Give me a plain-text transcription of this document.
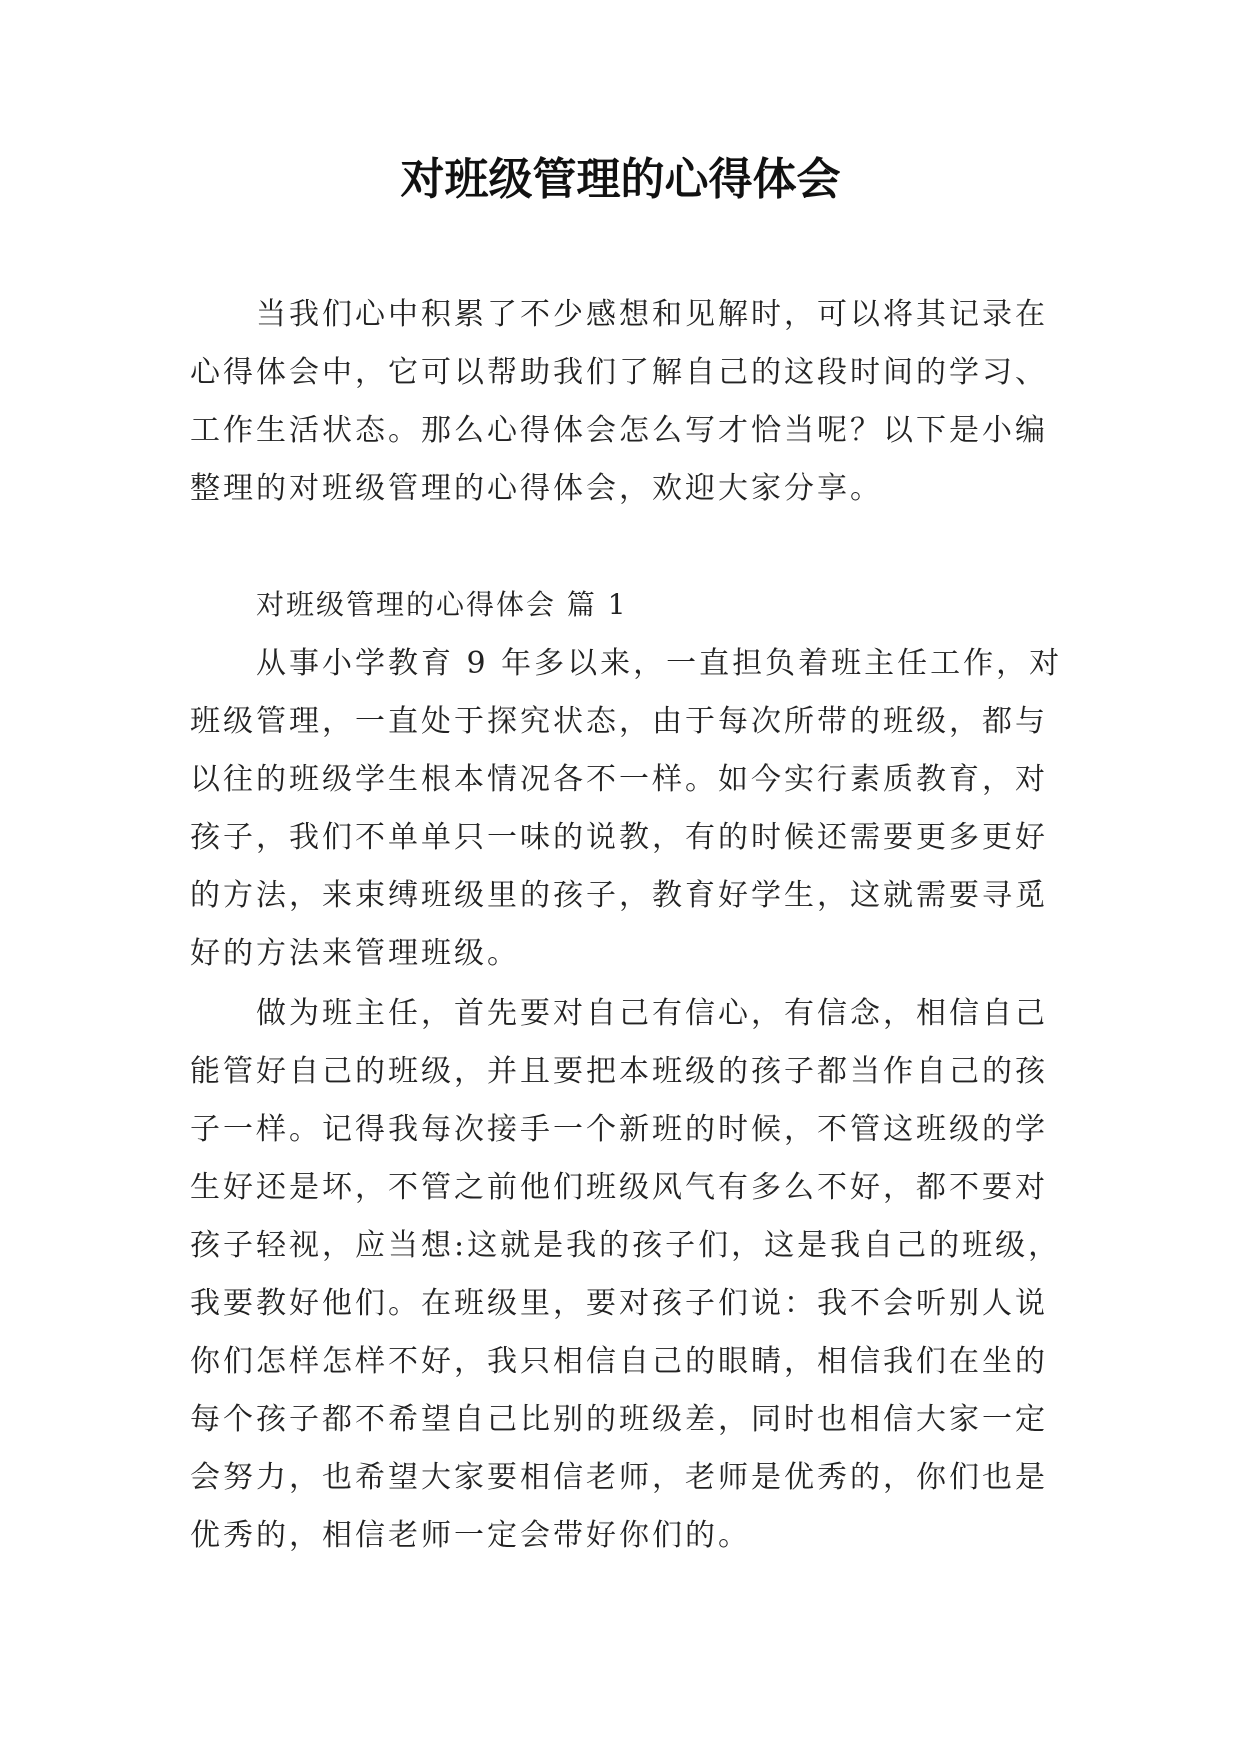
对班级管理的心得体会
当我们心中积累了不少感想和见解时，可以将其记录在
心得体会中，它可以帮助我们了解自己的这段时间的学习、
工作生活状态。那么心得体会怎么写才恰当呢？以下是小编
整理的对班级管理的心得体会，欢迎大家分享。
对班级管理的心得体会 篇 1
从事小学教育 9 年多以来，一直担负着班主任工作，对
班级管理，一直处于探究状态，由于每次所带的班级，都与
以往的班级学生根本情况各不一样。如今实行素质教育，对
孩子，我们不单单只一味的说教，有的时候还需要更多更好
的方法，来束缚班级里的孩子，教育好学生，这就需要寻觅
好的方法来管理班级。
做为班主任，首先要对自己有信心，有信念，相信自己
能管好自己的班级，并且要把本班级的孩子都当作自己的孩
子一样。记得我每次接手一个新班的时候，不管这班级的学
生好还是坏，不管之前他们班级风气有多么不好，都不要对
孩子轻视，应当想:这就是我的孩子们，这是我自己的班级，
我要教好他们。在班级里，要对孩子们说：我不会听别人说
你们怎样怎样不好，我只相信自己的眼睛，相信我们在坐的
每个孩子都不希望自己比别的班级差，同时也相信大家一定
会努力，也希望大家要相信老师，老师是优秀的，你们也是
优秀的，相信老师一定会带好你们的。
